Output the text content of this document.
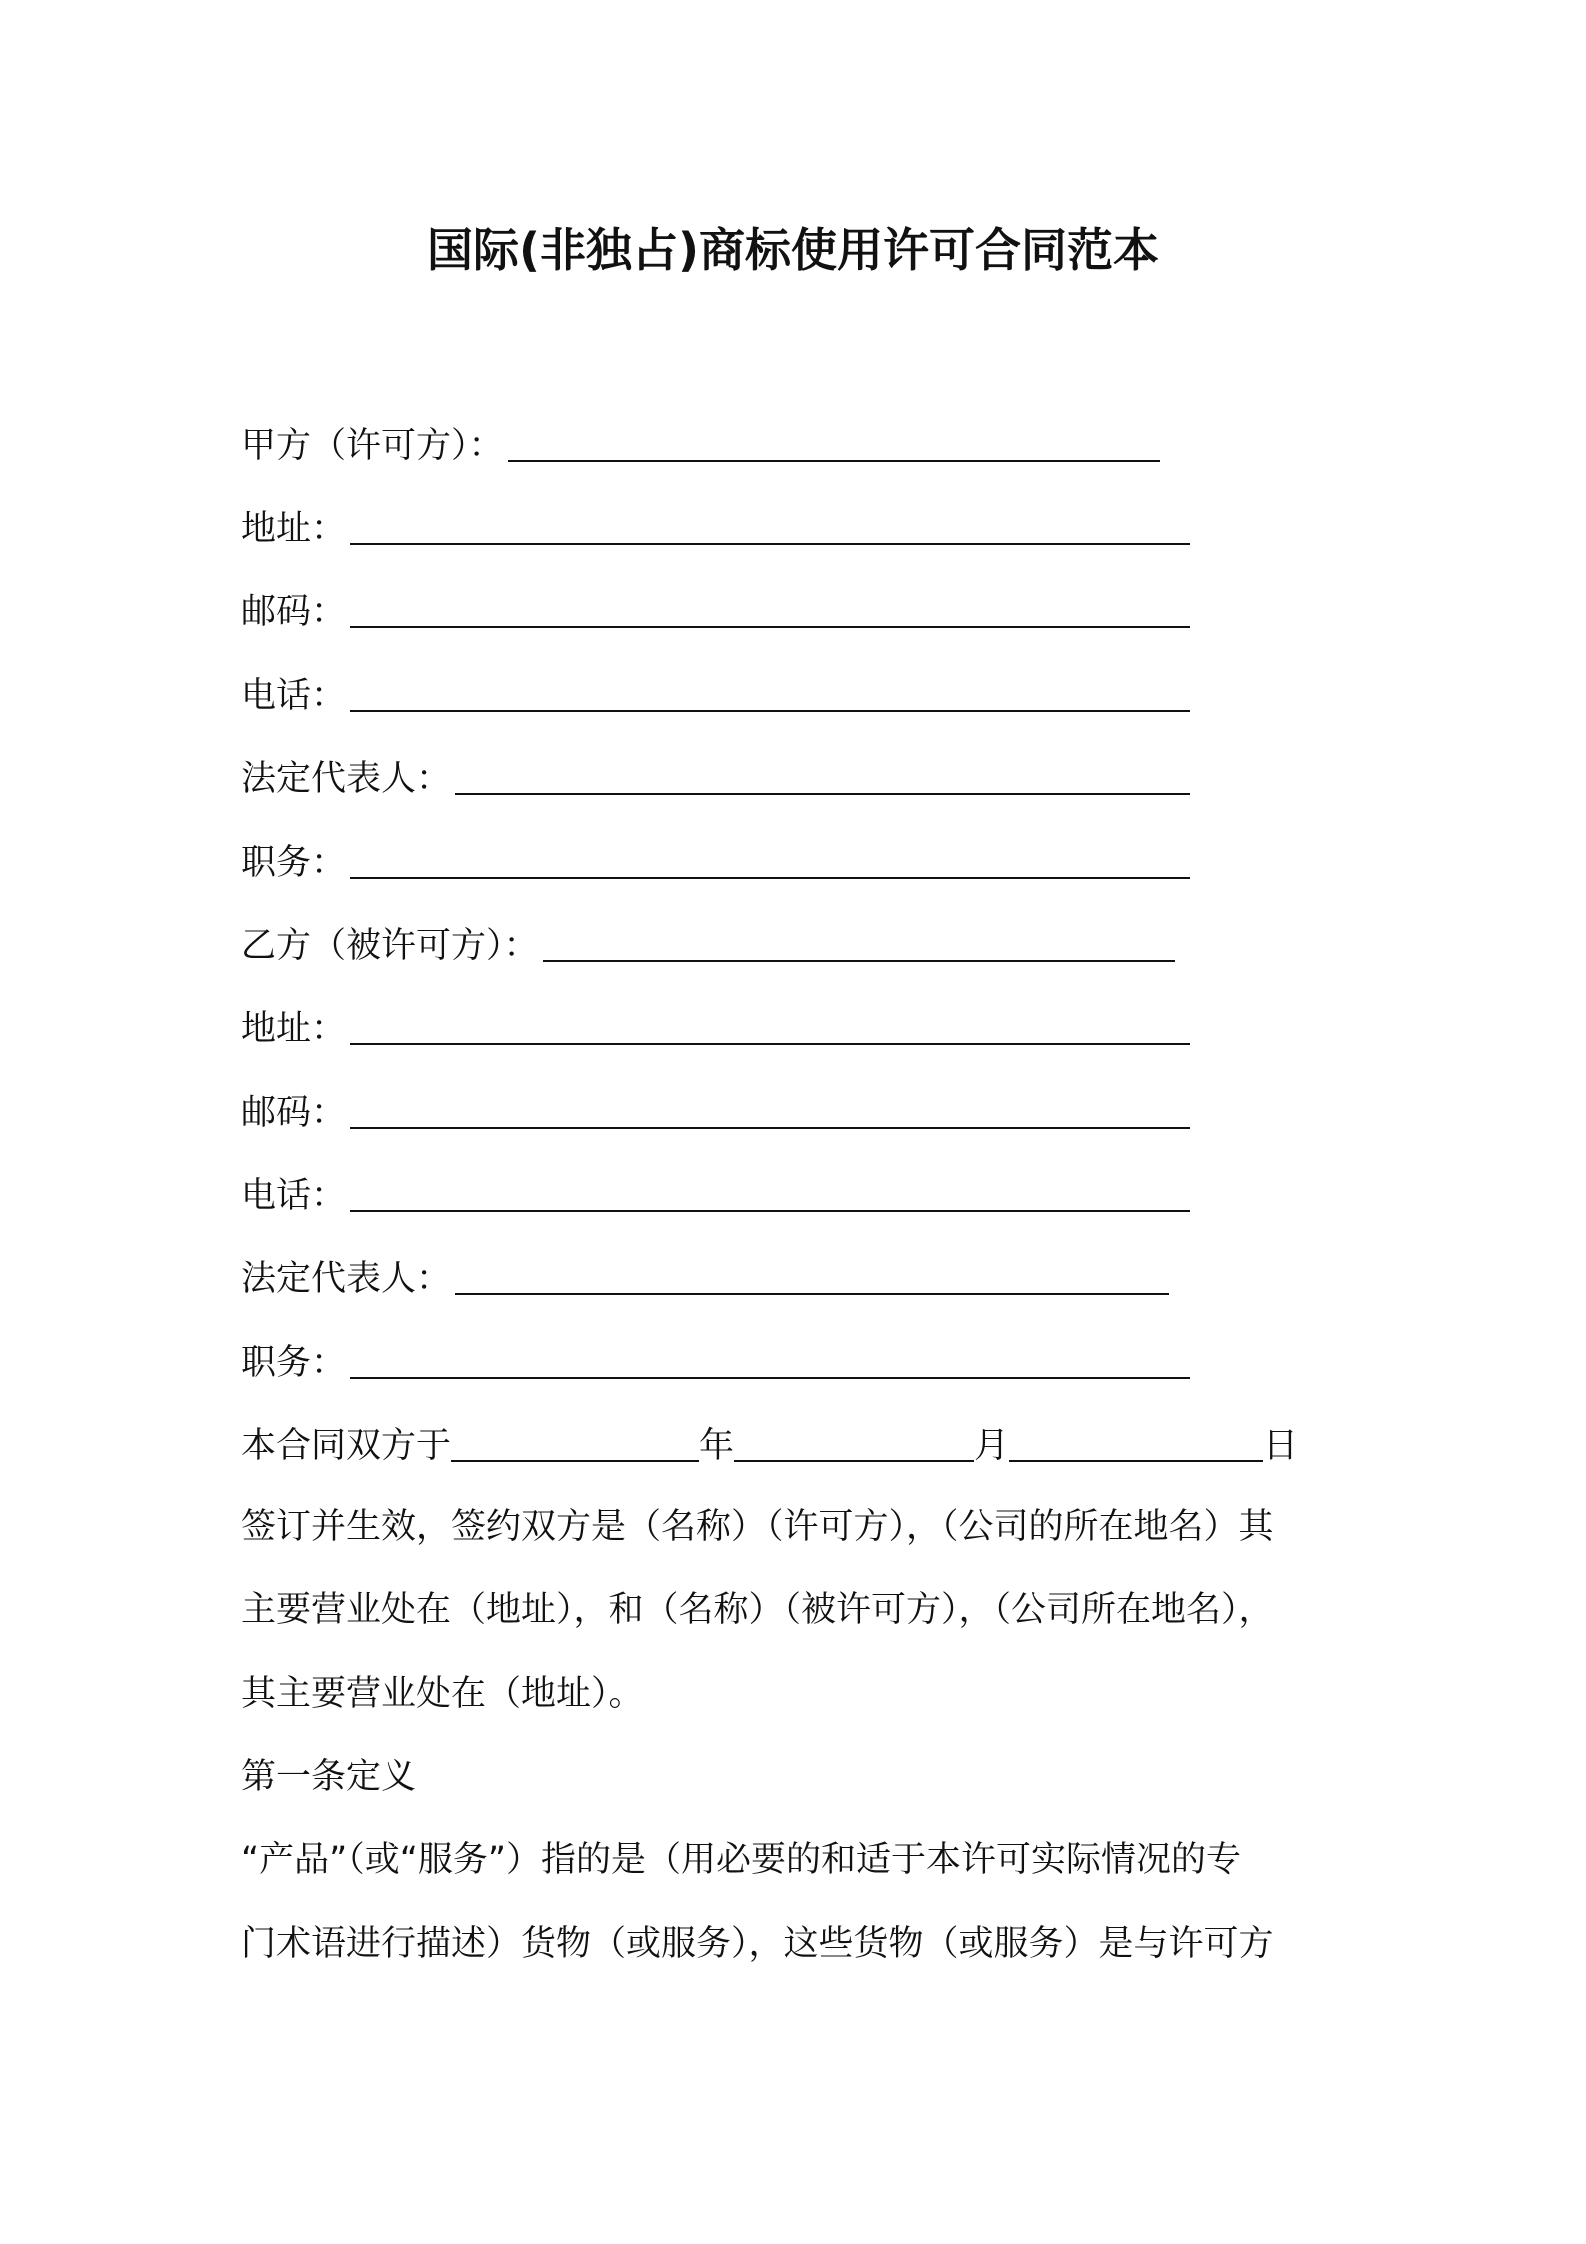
国际(非独占)商标使用许可合同范本
甲方（许可方）：
地址：
邮码：
电话：
法定代表人：
职务：
乙方（被许可方）：
地址：
邮码：
电话：
法定代表人：
职务：
本合同双方于	年	月	日
签订并生效，签约双方是（名称）（许可方），（公司的所在地名）其
主要营业处在（地址），和（名称）（被许可方），（公司所在地名），
其主要营业处在（地址）。
第一条定义
“产品”（或“服务”）指的是（用必要的和适于本许可实际情况的专
门术语进行描述）货物（或服务），这些货物（或服务）是与许可方
